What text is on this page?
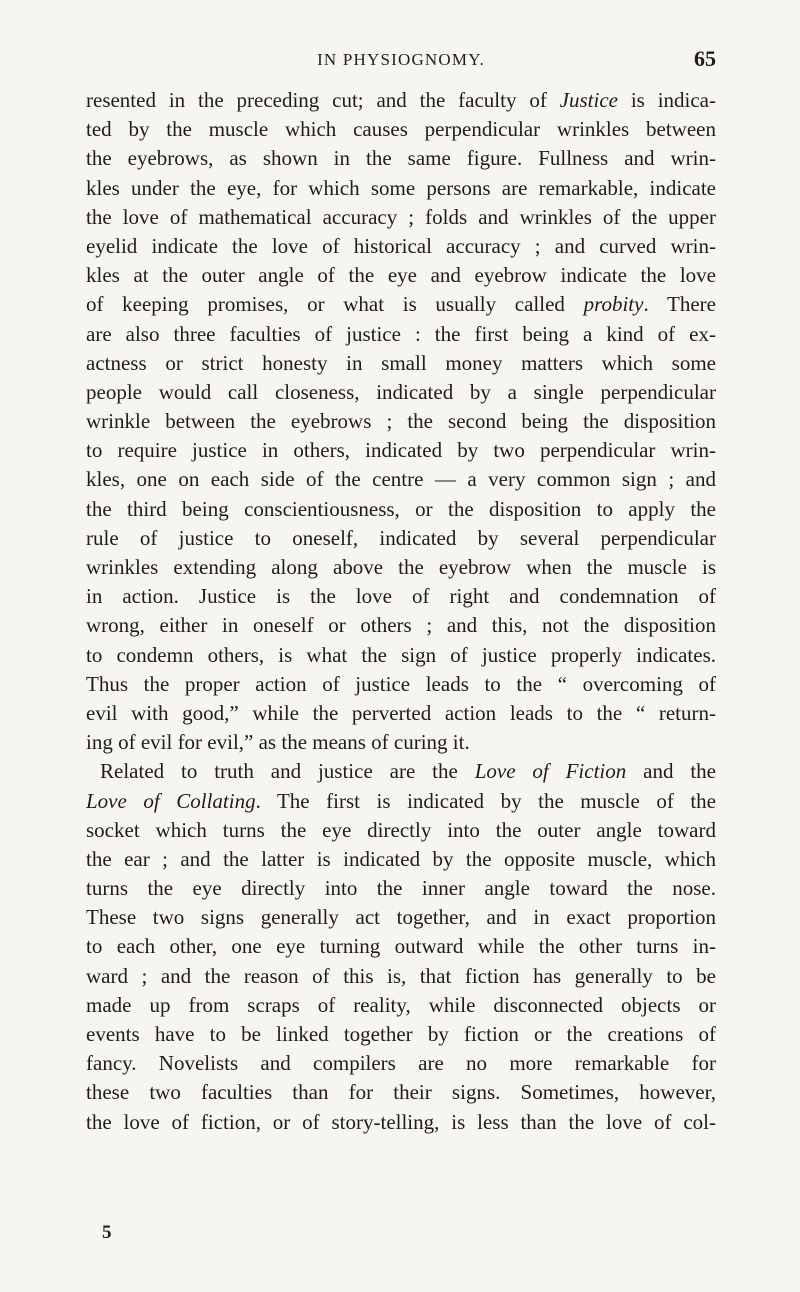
IN PHYSIOGNOMY.	65
resented in the preceding cut; and the faculty of Justice is indica-
ted by the muscle which causes perpendicular wrinkles between
the eyebrows, as shown in the same figure. Fullness and wrin-
kles under the eye, for which some persons are remarkable, indicate
the love of mathematical accuracy ; folds and wrinkles of the upper
eyelid indicate the love of historical accuracy ; and curved wrin-
kles at the outer angle of the eye and eyebrow indicate the love
of keeping promises, or what is usually called probity. There
are also three faculties of justice : the first being a kind of ex-
actness or strict honesty in small money matters which some
people would call closeness, indicated by a single perpendicular
wrinkle between the eyebrows ; the second being the disposition
to require justice in others, indicated by two perpendicular wrin-
kles, one on each side of the centre — a very common sign ; and
the third being conscientiousness, or the disposition to apply the
rule of justice to oneself, indicated by several perpendicular
wrinkles extending along above the eyebrow when the muscle is
in action. Justice is the love of right and condemnation of
wrong, either in oneself or others ; and this, not the disposition
to condemn others, is what the sign of justice properly indicates.
Thus the proper action of justice leads to the “ overcoming of
evil with good,” while the perverted action leads to the “ return-
ing of evil for evil,” as the means of curing it.
Related to truth and justice are the Love of Fiction and the
Love of Collating. The first is indicated by the muscle of the
socket which turns the eye directly into the outer angle toward
the ear ; and the latter is indicated by the opposite muscle, which
turns the eye directly into the inner angle toward the nose.
These two signs generally act together, and in exact proportion
to each other, one eye turning outward while the other turns in-
ward ; and the reason of this is, that fiction has generally to be
made up from scraps of reality, while disconnected objects or
events have to be linked together by fiction or the creations of
fancy. Novelists and compilers are no more remarkable for
these two faculties than for their signs. Sometimes, however,
the love of fiction, or of story-telling, is less than the love of col-
5
